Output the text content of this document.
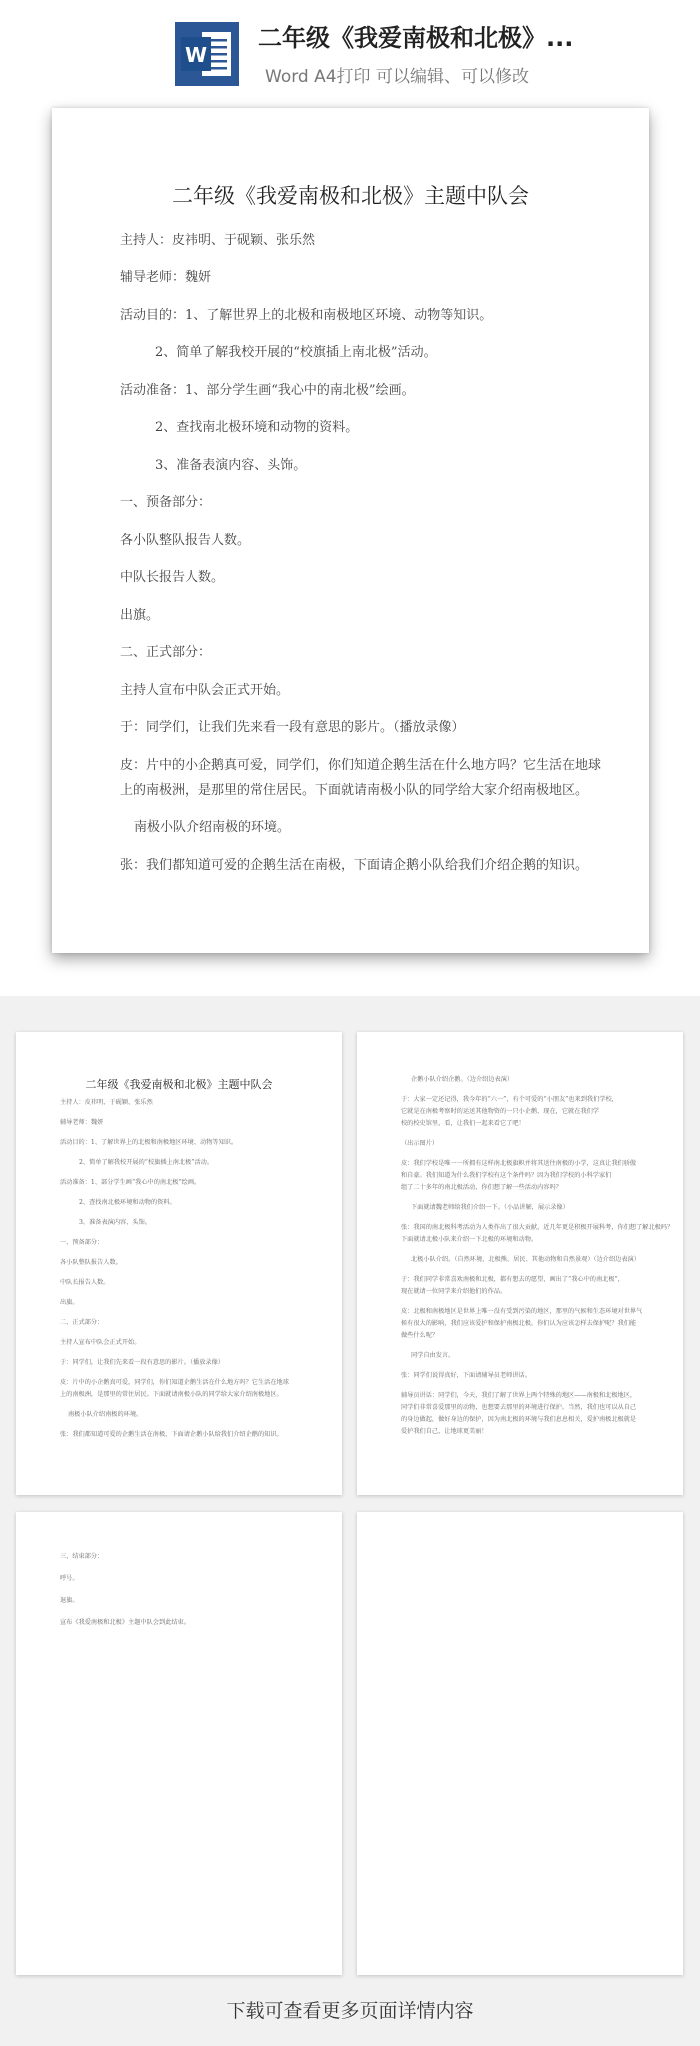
W
二年级《我爱南极和北极》...
Word A4打印 可以编辑、可以修改
二年级《我爱南极和北极》主题中队会
主持人：皮祎明、于砚颖、张乐然
辅导老师：魏妍
活动目的：1、了解世界上的北极和南极地区环境、动物等知识。
2、简单了解我校开展的“校旗插上南北极”活动。
活动准备：1、部分学生画“我心中的南北极”绘画。
2、查找南北极环境和动物的资料。
3、准备表演内容、头饰。
一、预备部分：
各小队整队报告人数。
中队长报告人数。
出旗。
二、正式部分：
主持人宣布中队会正式开始。
于：同学们，让我们先来看一段有意思的影片。（播放录像）
皮：片中的小企鹅真可爱，同学们，你们知道企鹅生活在什么地方吗？它生活在地球
上的南极洲，是那里的常住居民。下面就请南极小队的同学给大家介绍南极地区。
南极小队介绍南极的环境。
张：我们都知道可爱的企鹅生活在南极，下面请企鹅小队给我们介绍企鹅的知识。
二年级《我爱南极和北极》主题中队会
主持人：皮祎明、于砚颖、张乐然
辅导老师：魏妍
活动目的：1、了解世界上的北极和南极地区环境、动物等知识。
2、简单了解我校开展的“校旗插上南北极”活动。
活动准备：1、部分学生画“我心中的南北极”绘画。
2、查找南北极环境和动物的资料。
3、准备表演内容、头饰。
一、预备部分：
各小队整队报告人数。
中队长报告人数。
出旗。
二、正式部分：
主持人宣布中队会正式开始。
于：同学们，让我们先来看一段有意思的影片。（播放录像）
皮：片中的小企鹅真可爱，同学们，你们知道企鹅生活在什么地方吗？它生活在地球
上的南极洲，是那里的常住居民。下面就请南极小队的同学给大家介绍南极地区。
南极小队介绍南极的环境。
张：我们都知道可爱的企鹅生活在南极，下面请企鹅小队给我们介绍企鹅的知识。
企鹅小队介绍企鹅。（边介绍边表演）
于：大家一定还记得，我今年的“六一”，有个可爱的“小朋友”也来到我们学校，
它就是在南极考察时的运送其他物资的一只小企鹅，现在，它就在我们学
校的校史馆里，看，让我们一起来看它了吧！
（出示图片）
皮：我们学校是唯一一所拥有这样南北极旗帜并将其送往南极的小学，这真让我们骄傲
和自豪。我们知道为什么我们学校有这个条件吗？因为我们学校的小科学家们
组了二十多年的南北极活动，你们想了解一些活动内容吗？
下面就请魏老师给我们介绍一下。（小品讲解，展示录像）
张：我国的南北极科考活动为人类作出了很大贡献，近几年更是积极开展科考，你们想了解北极吗？
下面就请北极小队来介绍一下北极的环境和动物。
北极小队介绍。（自然环境、北极熊、居民、其他动物和自然景观）（边介绍边表演）
于：我们同学非常喜欢南极和北极，都有想去的愿望，画出了“我心中的南北极”，
现在就请一位同学来介绍他们的作品。
皮：北极和南极地区是世界上唯一没有受到污染的地区，那里的气候和生态环境对世界气
候有很大的影响，我们应该爱护和保护南极北极。你们认为应该怎样去保护呢？我们能
做些什么呢？
同学自由发言。
张：同学们说得真好，下面请辅导员老师讲话。
辅导员讲话：同学们，今天，我们了解了世界上两个特殊的地区——南极和北极地区，
同学们非常喜爱那里的动物，也想要去那里的环境进行保护。当然，我们也可以从自己
的身边做起，做好身边的保护，因为南北极的环境与我们息息相关，爱护南极北极就是
爱护我们自己，让地球更美丽！
三、结束部分：
呼号。
退旗。
宣布《我爱南极和北极》主题中队会到此结束。
下载可查看更多页面详情内容
